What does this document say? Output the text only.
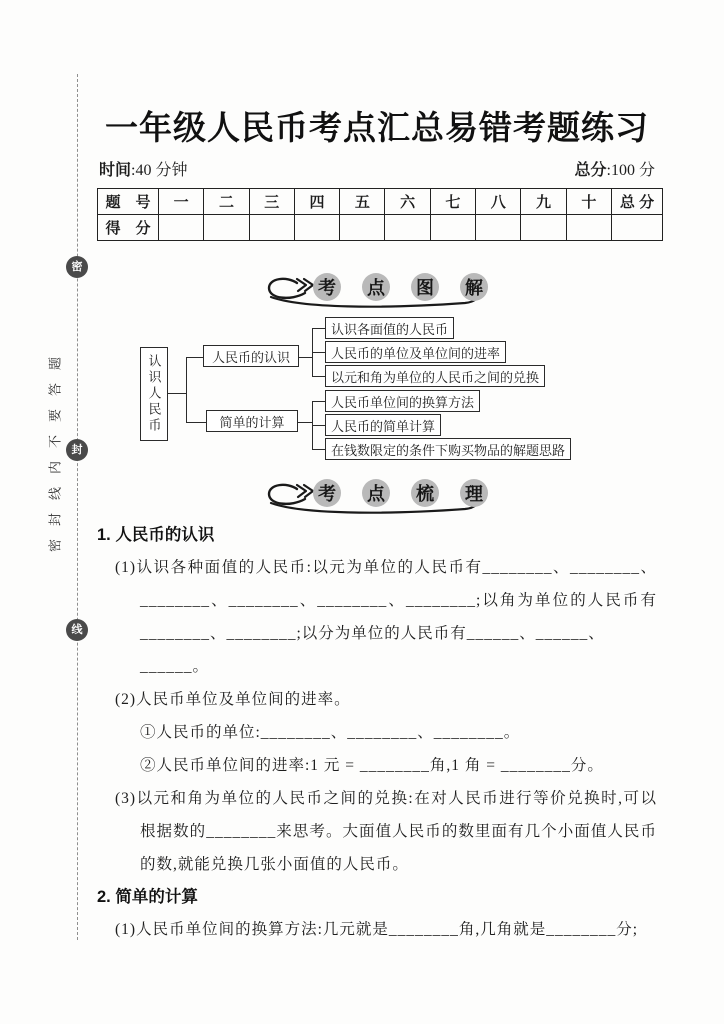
密
封
线
密封线内不要答题
一年级人民币考点汇总易错考题练习
时间:40 分钟	总分:100 分
题　号	一	二	三	四	五	六	七	八	九	十	总 分
得　分											
考 点 图 解
认识人民币	人民币的认识
简单的计算
认识各面值的人民币
人民币的单位及单位间的进率
以元和角为单位的人民币之间的兑换
人民币单位间的换算方法
人民币的简单计算
在钱数限定的条件下购买物品的解题思路
考 点 梳 理
1. 人民币的认识
(1)认识各种面值的人民币:以元为单位的人民币有________、________、
________、________、________、________;以角为单位的人民币有
________、________;以分为单位的人民币有______、______、______。
(2)人民币单位及单位间的进率。
①人民币的单位:________、________、________。
②人民币单位间的进率:1 元 = ________角,1 角 = ________分。
(3)以元和角为单位的人民币之间的兑换:在对人民币进行等价兑换时,可以
根据数的________来思考。大面值人民币的数里面有几个小面值人民币
的数,就能兑换几张小面值的人民币。
2. 简单的计算
(1)人民币单位间的换算方法:几元就是________角,几角就是________分;
